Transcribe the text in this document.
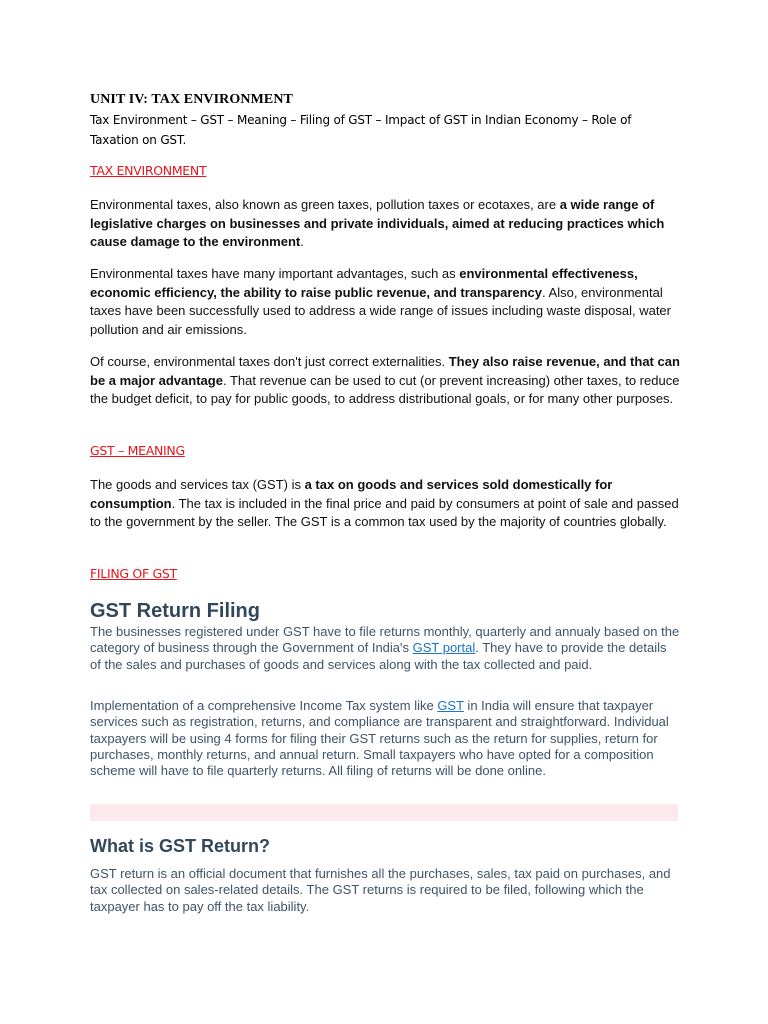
UNIT IV: TAX ENVIRONMENT
Tax Environment – GST – Meaning – Filing of GST – Impact of GST in Indian Economy – Role of Taxation on GST.
TAX ENVIRONMENT

Environmental taxes, also known as green taxes, pollution taxes or ecotaxes, are a wide range of legislative charges on businesses and private individuals, aimed at reducing practices which cause damage to the environment.

Environmental taxes have many important advantages, such as environmental effectiveness, economic efficiency, the ability to raise public revenue, and transparency. Also, environmental taxes have been successfully used to address a wide range of issues including waste disposal, water pollution and air emissions.

Of course, environmental taxes don't just correct externalities. They also raise revenue, and that can be a major advantage. That revenue can be used to cut (or prevent increasing) other taxes, to reduce the budget deficit, to pay for public goods, to address distributional goals, or for many other purposes.

GST – MEANING

The goods and services tax (GST) is a tax on goods and services sold domestically for consumption. The tax is included in the final price and paid by consumers at point of sale and passed to the government by the seller. The GST is a common tax used by the majority of countries globally.

FILING OF GST
GST Return Filing

The businesses registered under GST have to file returns monthly, quarterly and annualy based on the category of business through the Government of India's GST portal. They have to provide the details of the sales and purchases of goods and services along with the tax collected and paid.

Implementation of a comprehensive Income Tax system like GST in India will ensure that taxpayer services such as registration, returns, and compliance are transparent and straightforward. Individual taxpayers will be using 4 forms for filing their GST returns such as the return for supplies, return for purchases, monthly returns, and annual return. Small taxpayers who have opted for a composition scheme will have to file quarterly returns. All filing of returns will be done online.

What is GST Return?

GST return is an official document that furnishes all the purchases, sales, tax paid on purchases, and tax collected on sales-related details. The GST returns is required to be filed, following which the taxpayer has to pay off the tax liability.
